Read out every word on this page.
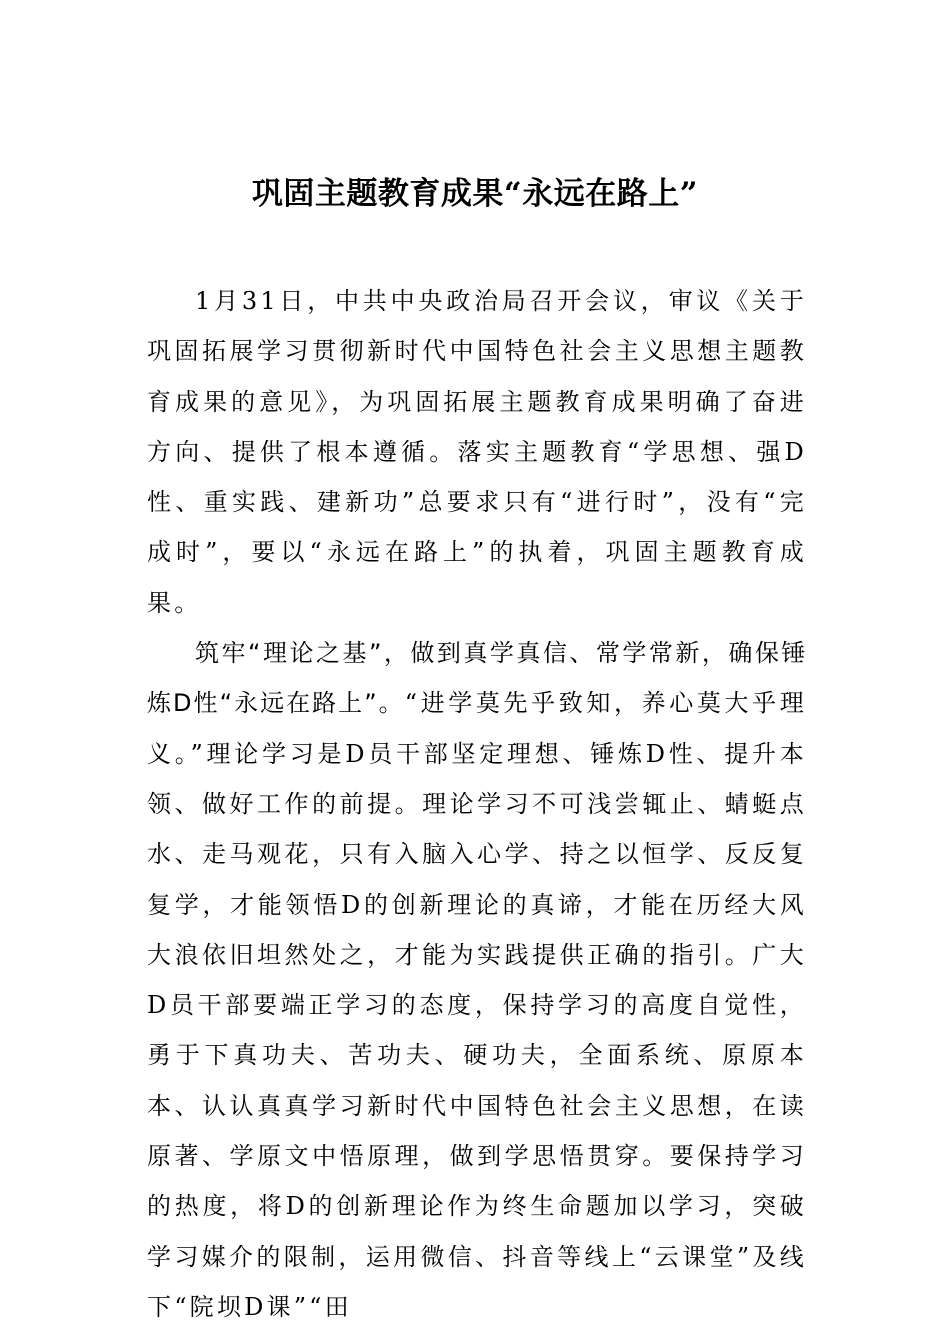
巩固主题教育成果“永远在路上”

1月31日，中共中央政治局召开会议，审议《关于巩固拓展学习贯彻新时代中国特色社会主义思想主题教育成果的意见》，为巩固拓展主题教育成果明确了奋进方向、提供了根本遵循。落实主题教育“学思想、强D性、重实践、建新功”总要求只有“进行时”，没有“完成时”，要以“永远在路上”的执着，巩固主题教育成果。

筑牢“理论之基”，做到真学真信、常学常新，确保锤炼D性“永远在路上”。“进学莫先乎致知，养心莫大乎理义。”理论学习是D员干部坚定理想、锤炼D性、提升本领、做好工作的前提。理论学习不可浅尝辄止、蜻蜓点水、走马观花，只有入脑入心学、持之以恒学、反反复复学，才能领悟D的创新理论的真谛，才能在历经大风大浪依旧坦然处之，才能为实践提供正确的指引。广大D员干部要端正学习的态度，保持学习的高度自觉性，勇于下真功夫、苦功夫、硬功夫，全面系统、原原本本、认认真真学习新时代中国特色社会主义思想，在读原著、学原文中悟原理，做到学思悟贯穿。要保持学习的热度，将D的创新理论作为终生命题加以学习，突破学习媒介的限制，运用微信、抖音等线上“云课堂”及线下“院坝D课”“田
